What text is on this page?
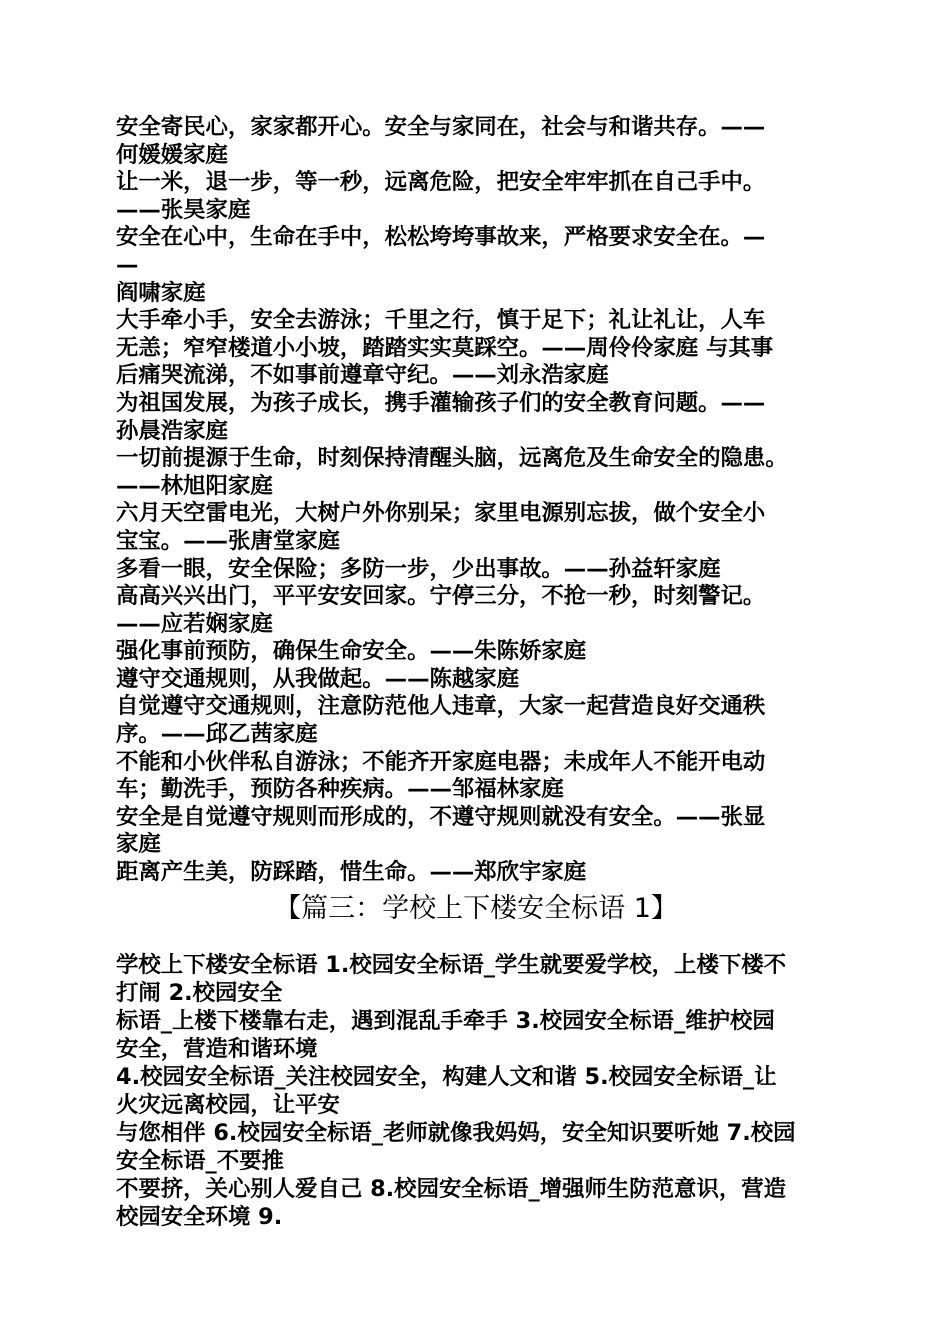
安全寄民心，家家都开心。安全与家同在，社会与和谐共存。——
何媛媛家庭
让一米，退一步，等一秒，远离危险，把安全牢牢抓在自己手中。
——张昊家庭
安全在心中，生命在手中，松松垮垮事故来，严格要求安全在。—
—
阎啸家庭
大手牵小手，安全去游泳；千里之行，慎于足下；礼让礼让，人车
无恙；窄窄楼道小小坡，踏踏实实莫踩空。——周伶伶家庭 与其事
后痛哭流涕，不如事前遵章守纪。——刘永浩家庭
为祖国发展，为孩子成长，携手灌输孩子们的安全教育问题。——
孙晨浩家庭
一切前提源于生命，时刻保持清醒头脑，远离危及生命安全的隐患。
——林旭阳家庭
六月天空雷电光，大树户外你别呆；家里电源别忘拔，做个安全小
宝宝。——张唐堂家庭
多看一眼，安全保险；多防一步，少出事故。——孙益轩家庭
高高兴兴出门，平平安安回家。宁停三分，不抢一秒，时刻警记。
——应若娴家庭
强化事前预防，确保生命安全。——朱陈娇家庭
遵守交通规则，从我做起。——陈越家庭
自觉遵守交通规则，注意防范他人违章，大家一起营造良好交通秩
序。——邱乙茜家庭
不能和小伙伴私自游泳；不能齐开家庭电器；未成年人不能开电动
车；勤洗手，预防各种疾病。——邹福林家庭
安全是自觉遵守规则而形成的，不遵守规则就没有安全。——张显
家庭
距离产生美，防踩踏，惜生命。——郑欣宇家庭
【篇三：学校上下楼安全标语 1】
学校上下楼安全标语 1.校园安全标语_学生就要爱学校，上楼下楼不
打闹 2.校园安全
标语_上楼下楼靠右走，遇到混乱手牵手 3.校园安全标语_维护校园
安全，营造和谐环境
4.校园安全标语_关注校园安全，构建人文和谐 5.校园安全标语_让
火灾远离校园，让平安
与您相伴 6.校园安全标语_老师就像我妈妈，安全知识要听她 7.校园
安全标语_不要推
不要挤，关心别人爱自己 8.校园安全标语_增强师生防范意识，营造
校园安全环境 9.
